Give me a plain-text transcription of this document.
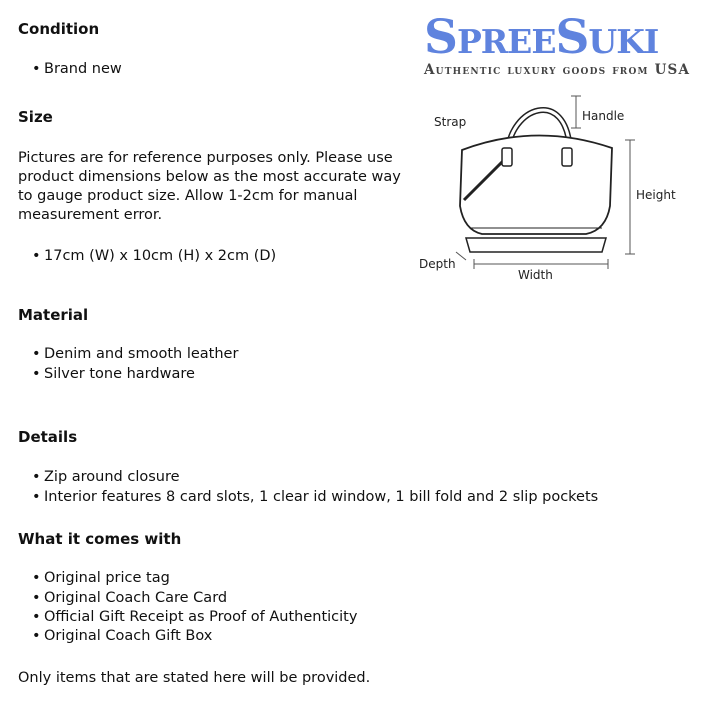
SpreeSuki
Authentic luxury goods from USA
Strap	Handle
Height
Depth
Width
Condition
• Brand new
Size
Pictures are for reference purposes only. Please use product dimensions below as the most accurate way to gauge product size. Allow 1-2cm for manual measurement error.
• 17cm (W) x 10cm (H) x 2cm (D)
Material
• Denim and smooth leather
• Silver tone hardware
Details
• Zip around closure
• Interior features 8 card slots, 1 clear id window, 1 bill fold and 2 slip pockets
What it comes with
• Original price tag
• Original Coach Care Card
• Official Gift Receipt as Proof of Authenticity
• Original Coach Gift Box
Only items that are stated here will be provided.
